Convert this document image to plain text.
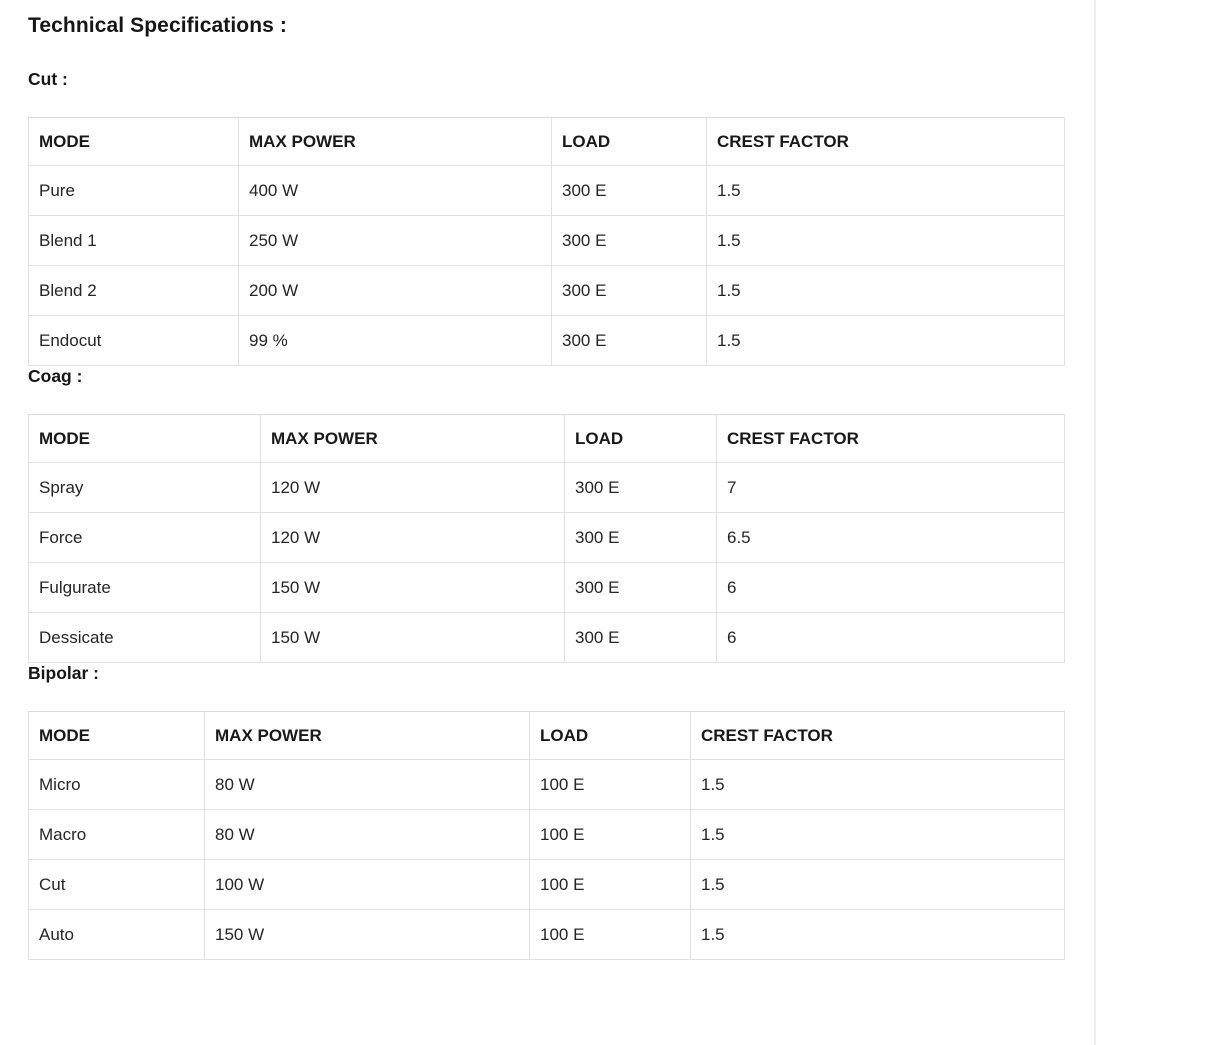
Technical Specifications :
Cut :
MODE	MAX POWER	LOAD	CREST FACTOR
Pure	400 W	300 E	1.5
Blend 1	250 W	300 E	1.5
Blend 2	200 W	300 E	1.5
Endocut	99 %	300 E	1.5
Coag :
MODE	MAX POWER	LOAD	CREST FACTOR
Spray	120 W	300 E	7
Force	120 W	300 E	6.5
Fulgurate	150 W	300 E	6
Dessicate	150 W	300 E	6
Bipolar :
MODE	MAX POWER	LOAD	CREST FACTOR
Micro	80 W	100 E	1.5
Macro	80 W	100 E	1.5
Cut	100 W	100 E	1.5
Auto	150 W	100 E	1.5
